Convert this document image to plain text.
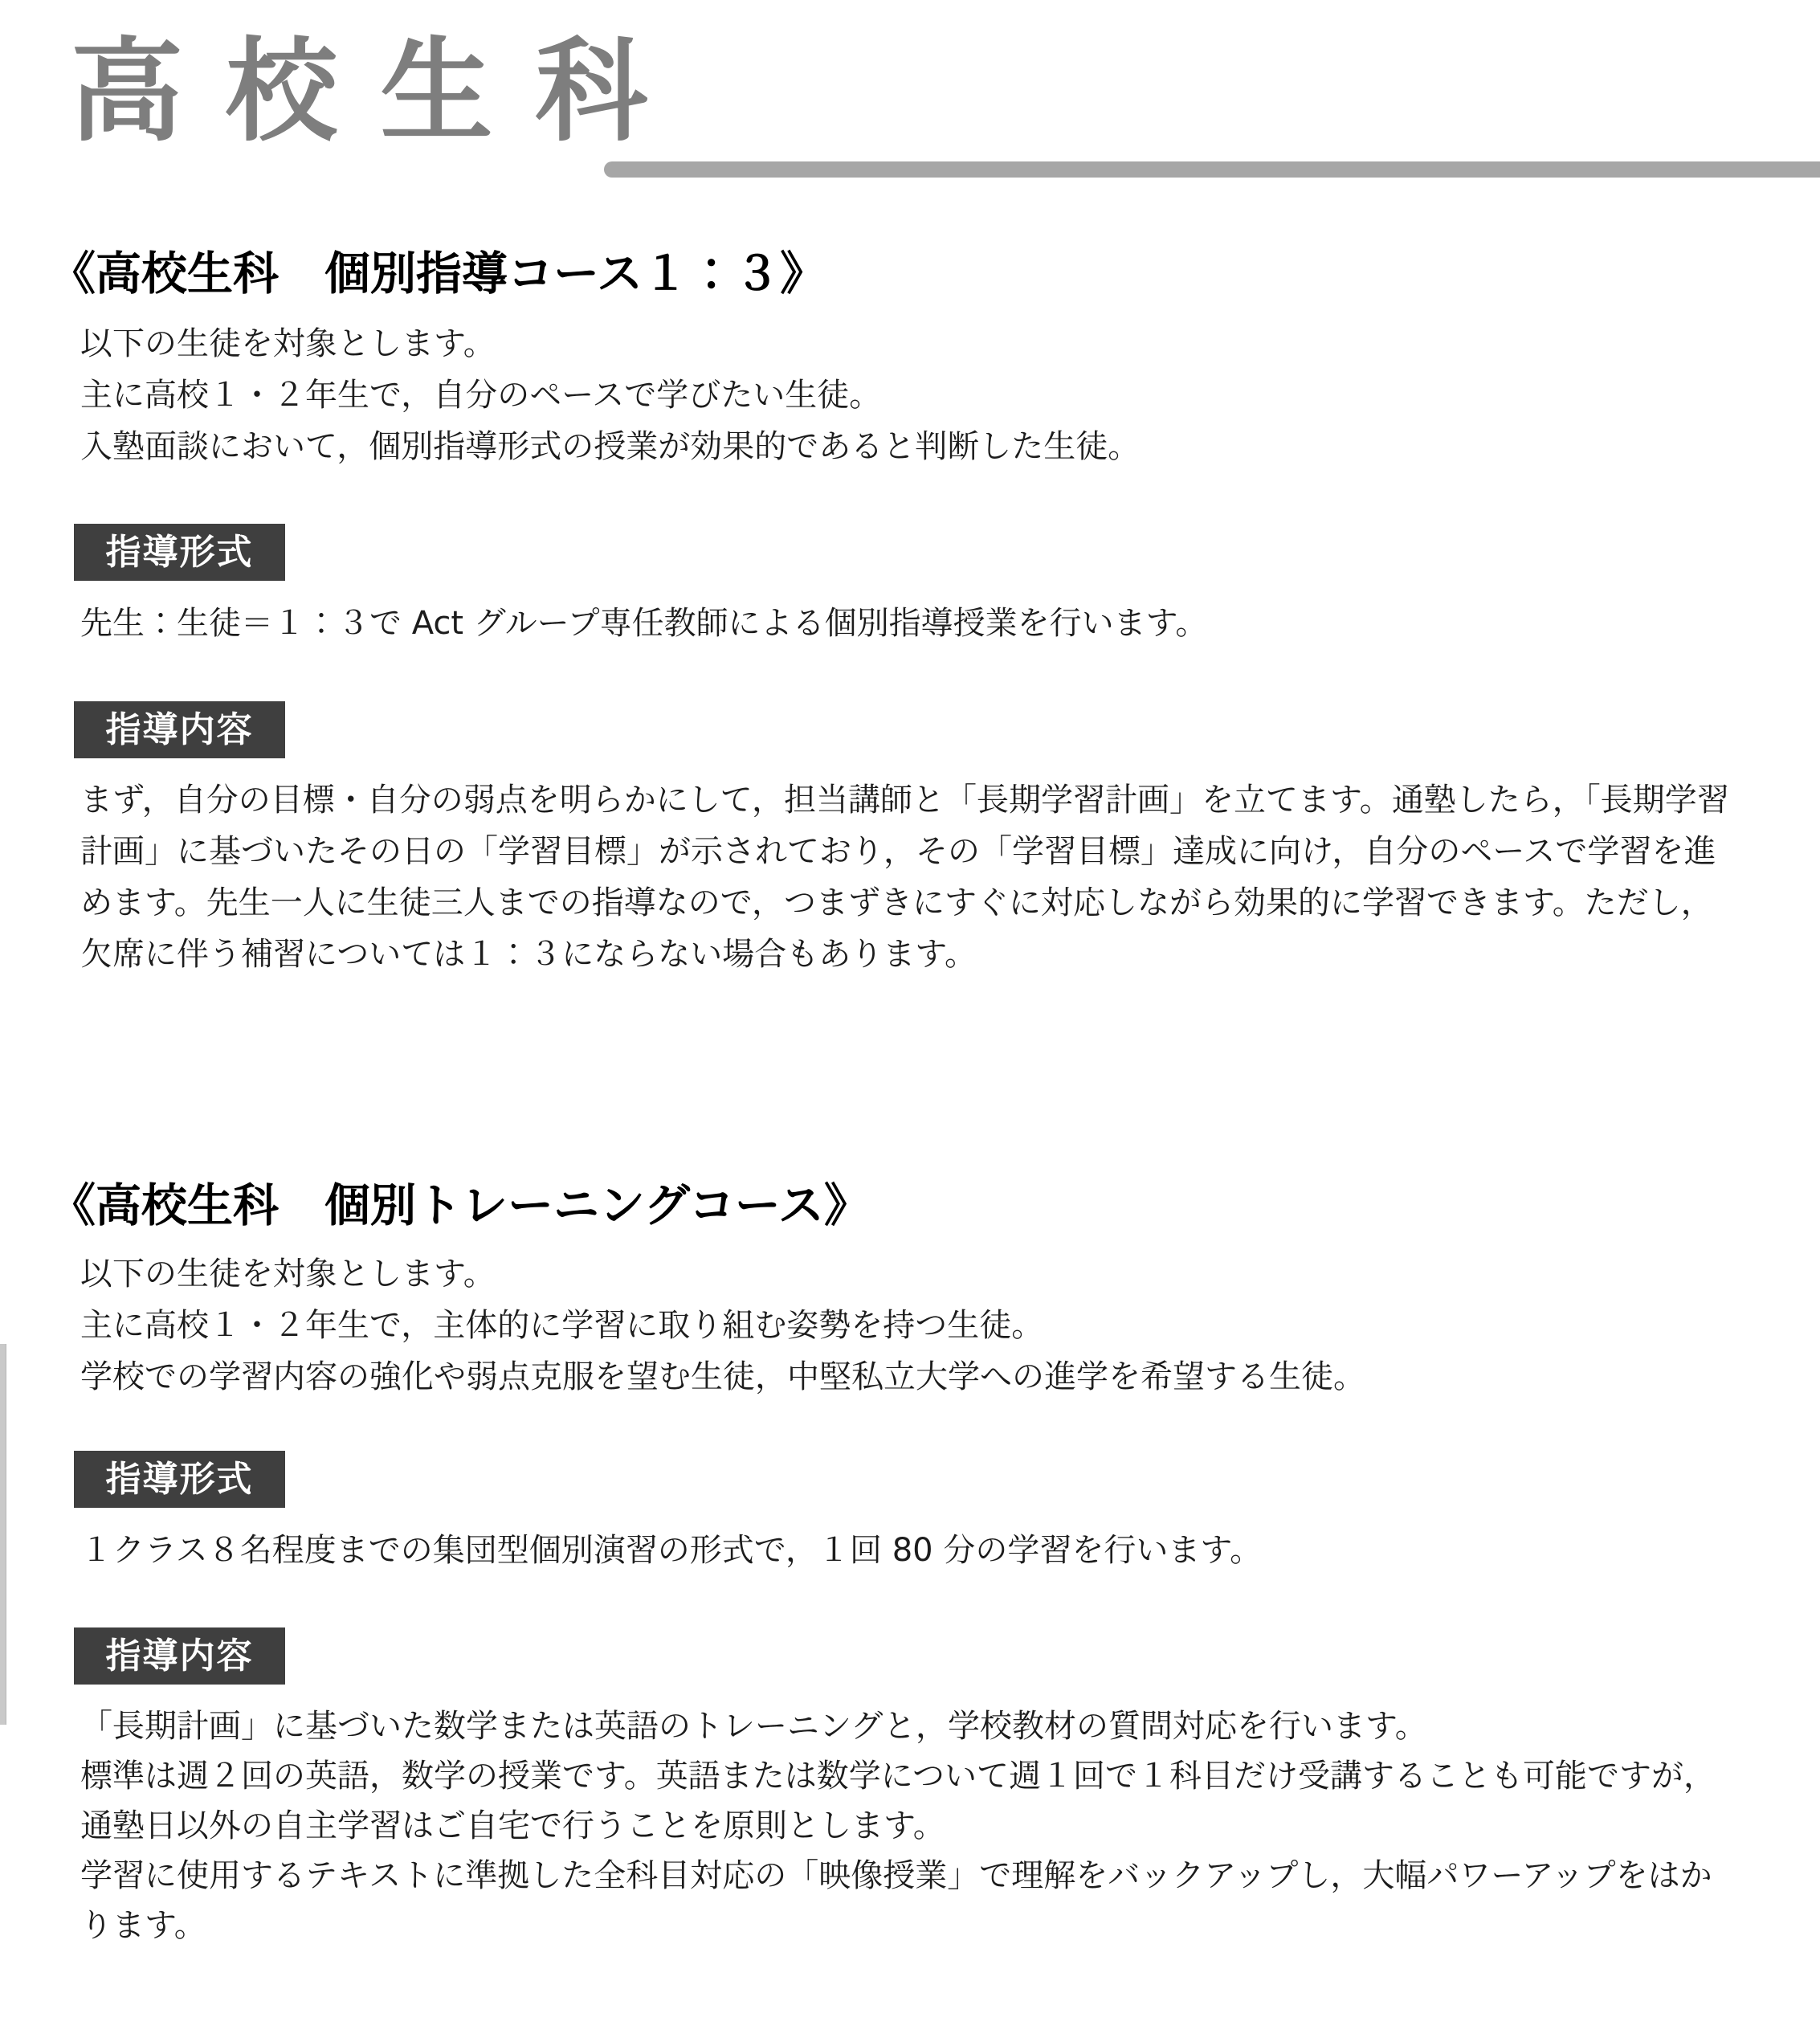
高 校 生 科
《高校生科　個別指導コース１：３》

以下の生徒を対象とします。

主に高校１・２年生で，自分のペースで学びたい生徒。

入塾面談において，個別指導形式の授業が効果的であると判断した生徒。

指導形式

先生：生徒＝１：３で Act グループ専任教師による個別指導授業を行います。

指導内容

まず，自分の目標・自分の弱点を明らかにして，担当講師と「長期学習計画」を立てます。通塾したら，「長期学習

計画」に基づいたその日の「学習目標」が示されており，その「学習目標」達成に向け，自分のペースで学習を進

めます。先生一人に生徒三人までの指導なので，つまずきにすぐに対応しながら効果的に学習できます。ただし，

欠席に伴う補習については１：３にならない場合もあります。

《高校生科　個別トレーニングコース》

以下の生徒を対象とします。

主に高校１・２年生で，主体的に学習に取り組む姿勢を持つ生徒。

学校での学習内容の強化や弱点克服を望む生徒，中堅私立大学への進学を希望する生徒。

指導形式

１クラス８名程度までの集団型個別演習の形式で，１回 80 分の学習を行います。

指導内容

「長期計画」に基づいた数学または英語のトレーニングと，学校教材の質問対応を行います。

標準は週２回の英語，数学の授業です。英語または数学について週１回で１科目だけ受講することも可能ですが，

通塾日以外の自主学習はご自宅で行うことを原則とします。

学習に使用するテキストに準拠した全科目対応の「映像授業」で理解をバックアップし，大幅パワーアップをはか

ります。
